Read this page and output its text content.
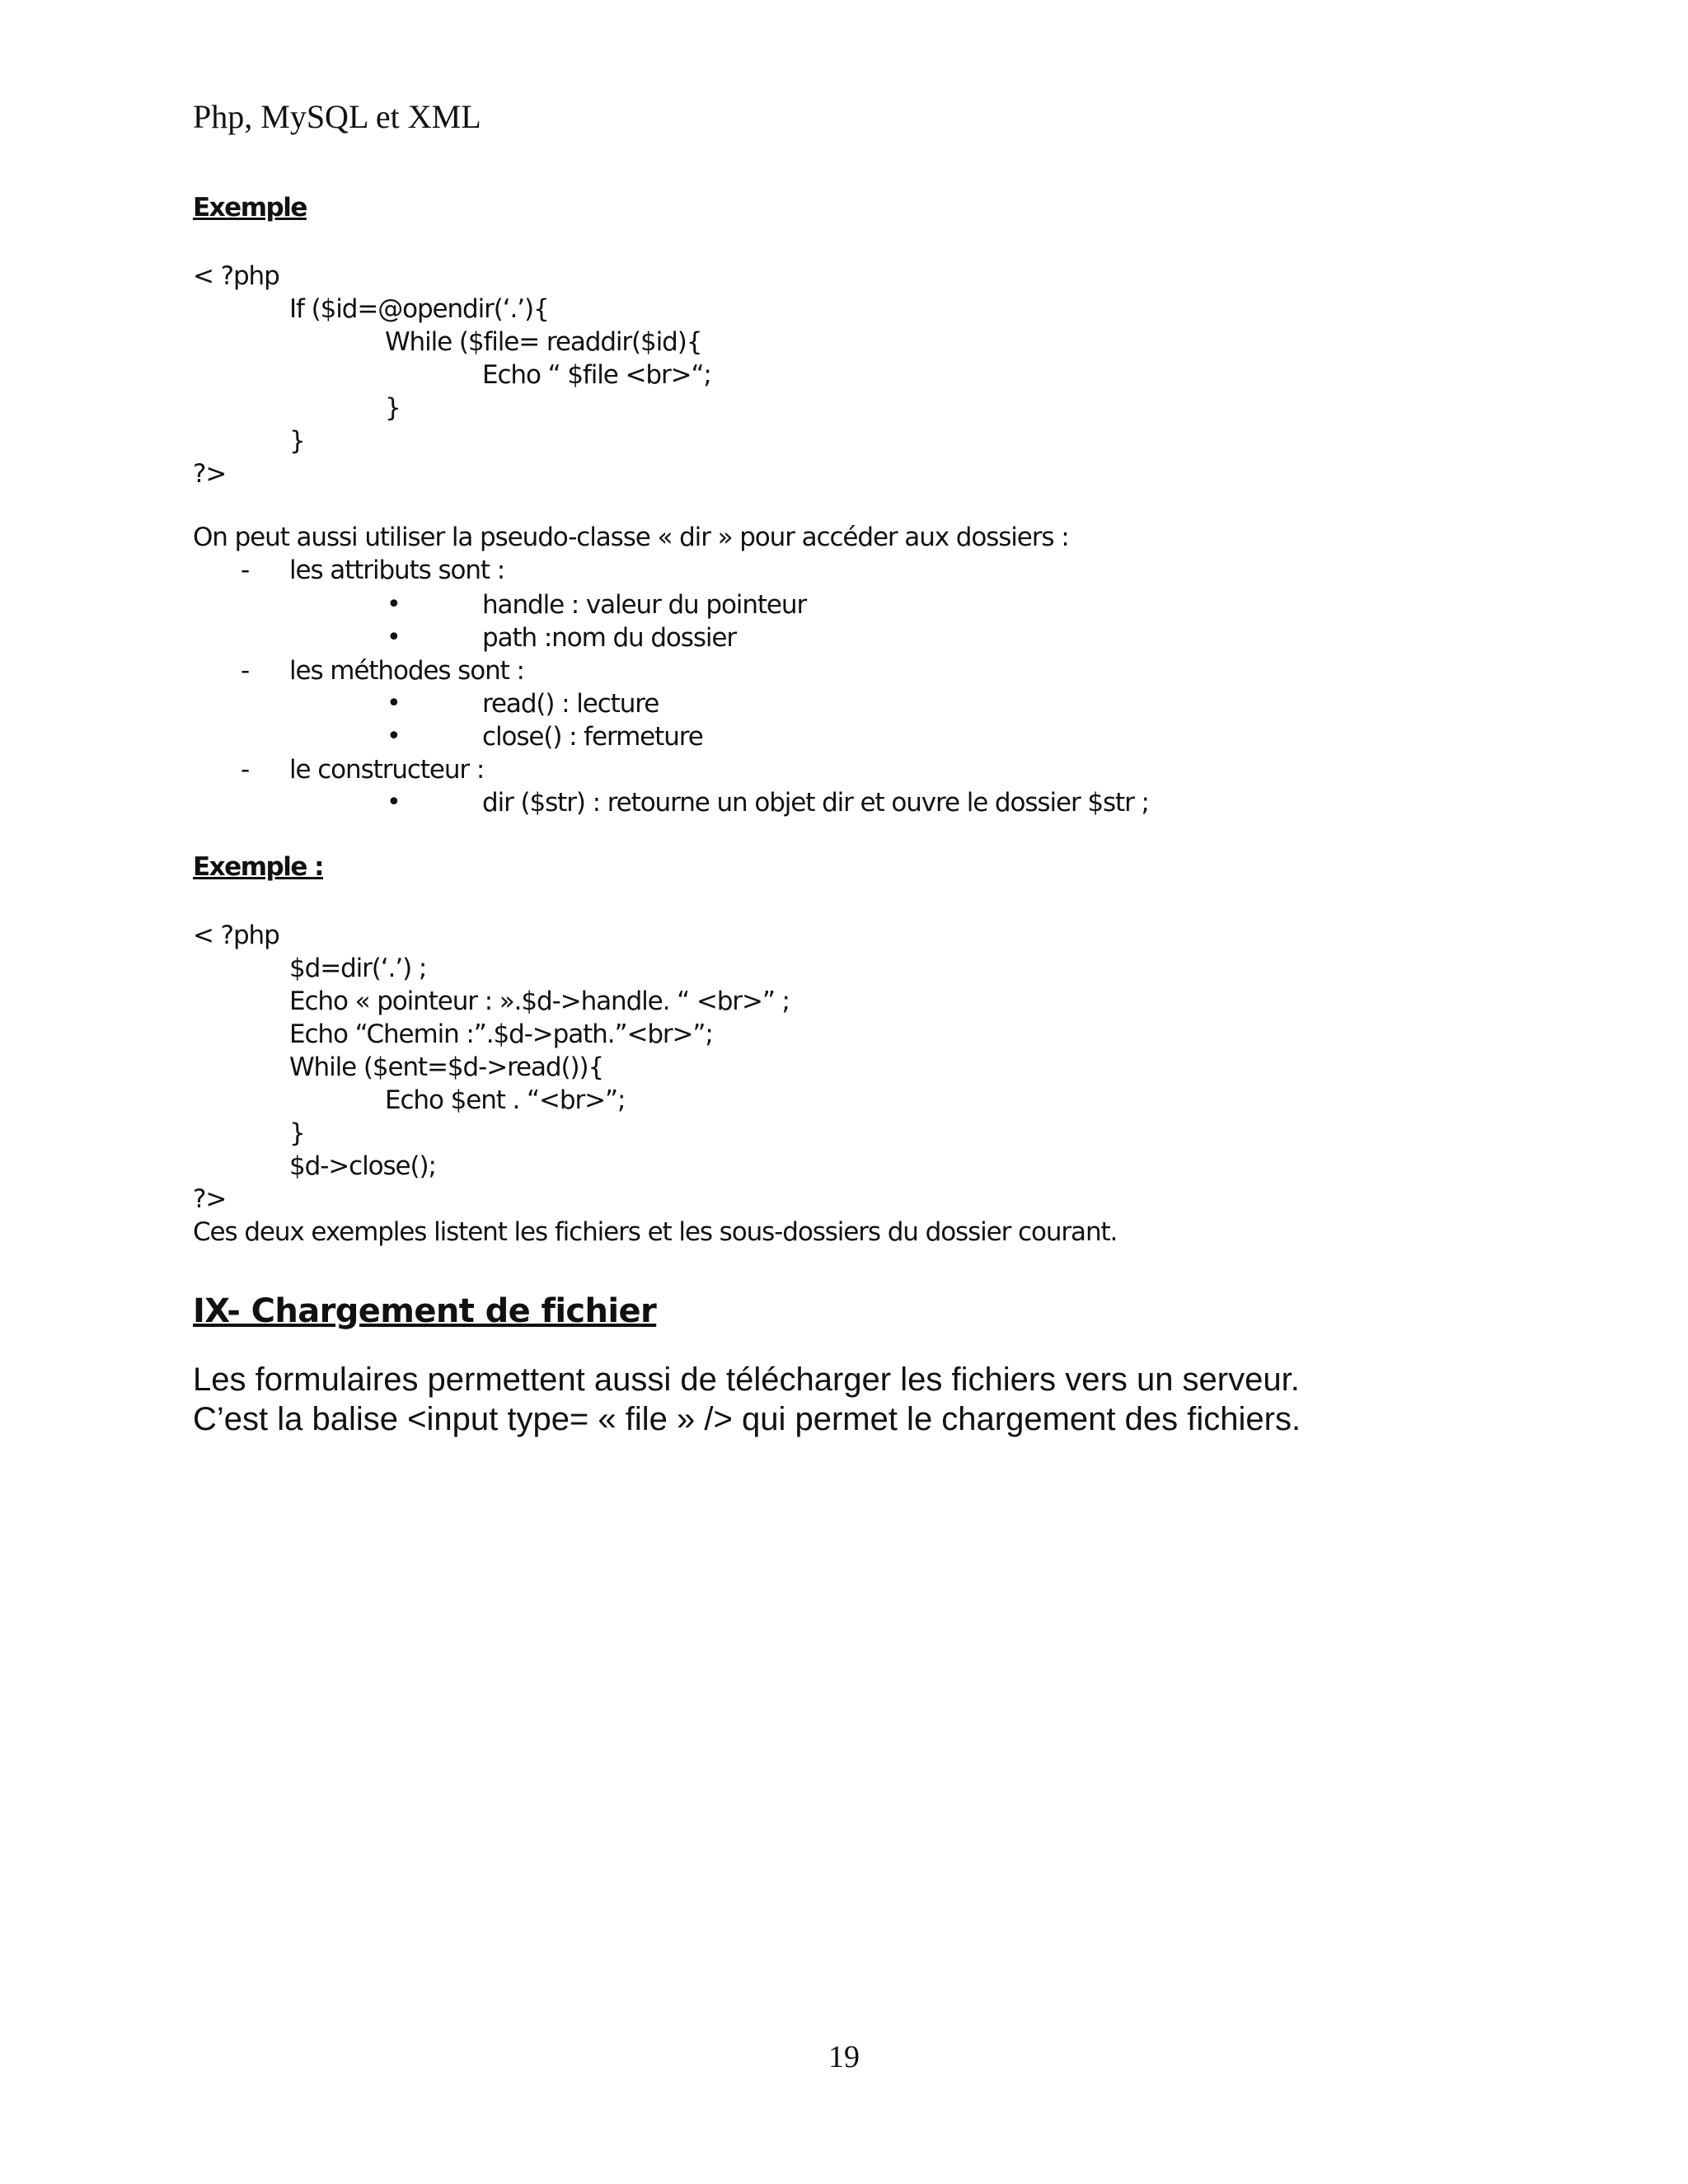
Php, MySQL et XML
Exemple
< ?php
If ($id=@opendir(‘.’){
While ($file= readdir($id){
Echo “ $file <br>“;
}
}
?>
On peut aussi utiliser la pseudo-classe « dir » pour accéder aux dossiers :
- les attributs sont :
•	handle : valeur du pointeur
•	path :nom du dossier
- les méthodes sont :
•	read() : lecture
•	close() : fermeture
- le constructeur :
•	dir ($str) : retourne un objet dir et ouvre le dossier $str ;
Exemple :
< ?php
$d=dir(‘.’) ;
Echo « pointeur : ».$d->handle. “ <br>” ;
Echo “Chemin :”.$d->path.”<br>”;
While ($ent=$d->read()){
Echo $ent . “<br>”;
}
$d->close();
?>
Ces deux exemples listent les fichiers et les sous-dossiers du dossier courant.
IX- Chargement de fichier
Les formulaires permettent aussi de télécharger les fichiers vers un serveur.
C’est la balise <input type= « file » /> qui permet le chargement des fichiers.
19
